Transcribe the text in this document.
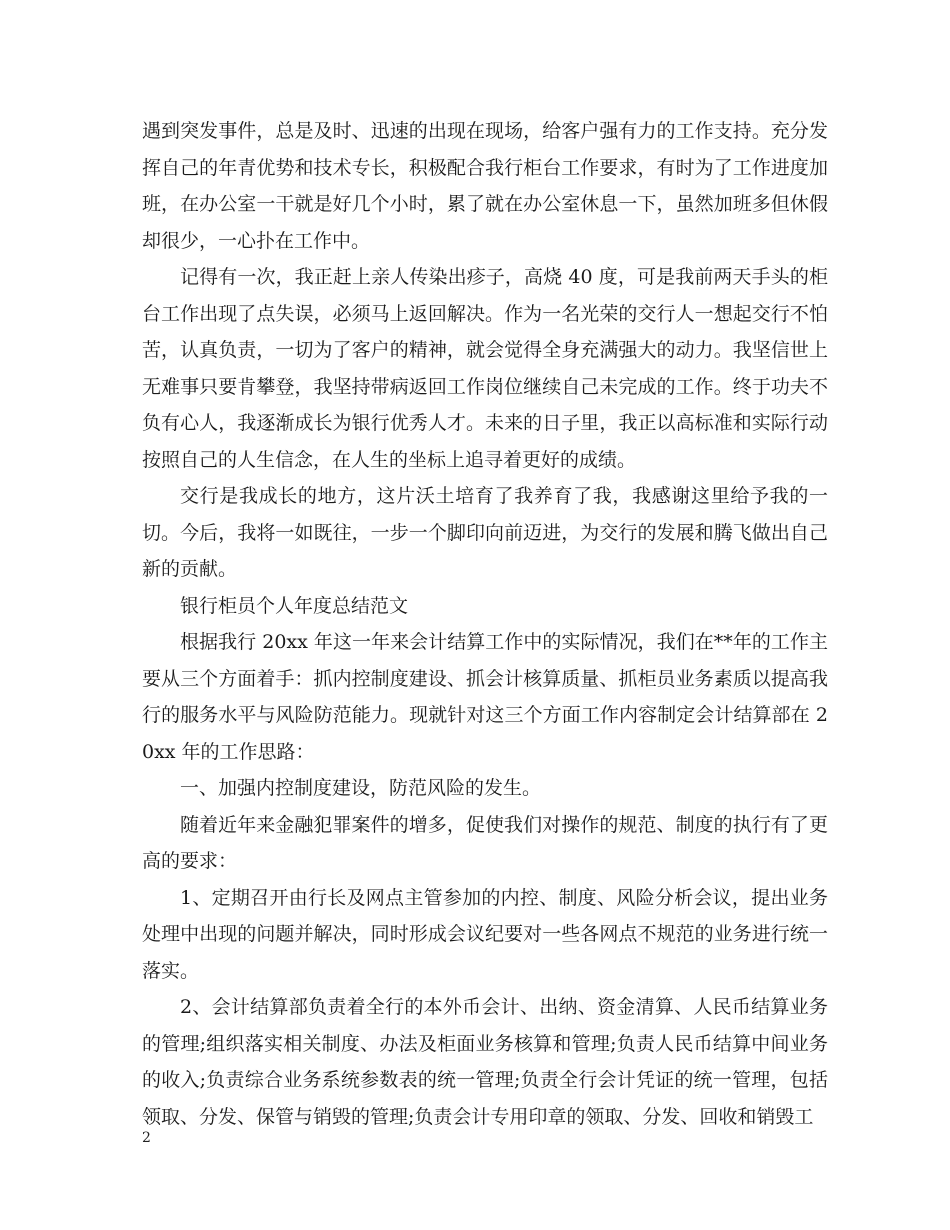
遇到突发事件，总是及时、迅速的出现在现场，给客户强有力的工作支持。充分发挥自己的年青优势和技术专长，积极配合我行柜台工作要求，有时为了工作进度加班，在办公室一干就是好几个小时，累了就在办公室休息一下，虽然加班多但休假却很少，一心扑在工作中。

记得有一次，我正赶上亲人传染出疹子，高烧 40 度，可是我前两天手头的柜台工作出现了点失误，必须马上返回解决。作为一名光荣的交行人一想起交行不怕苦，认真负责，一切为了客户的精神，就会觉得全身充满强大的动力。我坚信世上无难事只要肯攀登，我坚持带病返回工作岗位继续自己未完成的工作。终于功夫不负有心人，我逐渐成长为银行优秀人才。未来的日子里，我正以高标准和实际行动按照自己的人生信念，在人生的坐标上追寻着更好的成绩。

交行是我成长的地方，这片沃土培育了我养育了我，我感谢这里给予我的一切。今后，我将一如既往，一步一个脚印向前迈进，为交行的发展和腾飞做出自己新的贡献。

银行柜员个人年度总结范文

根据我行 20xx 年这一年来会计结算工作中的实际情况，我们在**年的工作主要从三个方面着手：抓内控制度建设、抓会计核算质量、抓柜员业务素质以提高我行的服务水平与风险防范能力。现就针对这三个方面工作内容制定会计结算部在 20xx 年的工作思路：

一、加强内控制度建设，防范风险的发生。

随着近年来金融犯罪案件的增多，促使我们对操作的规范、制度的执行有了更高的要求：

1、定期召开由行长及网点主管参加的内控、制度、风险分析会议，提出业务处理中出现的问题并解决，同时形成会议纪要对一些各网点不规范的业务进行统一落实。

2、会计结算部负责着全行的本外币会计、出纳、资金清算、人民币结算业务的管理;组织落实相关制度、办法及柜面业务核算和管理;负责人民币结算中间业务的收入;负责综合业务系统参数表的统一管理;负责全行会计凭证的统一管理，包括领取、分发、保管与销毁的管理;负责会计专用印章的领取、分发、回收和销毁工

2
